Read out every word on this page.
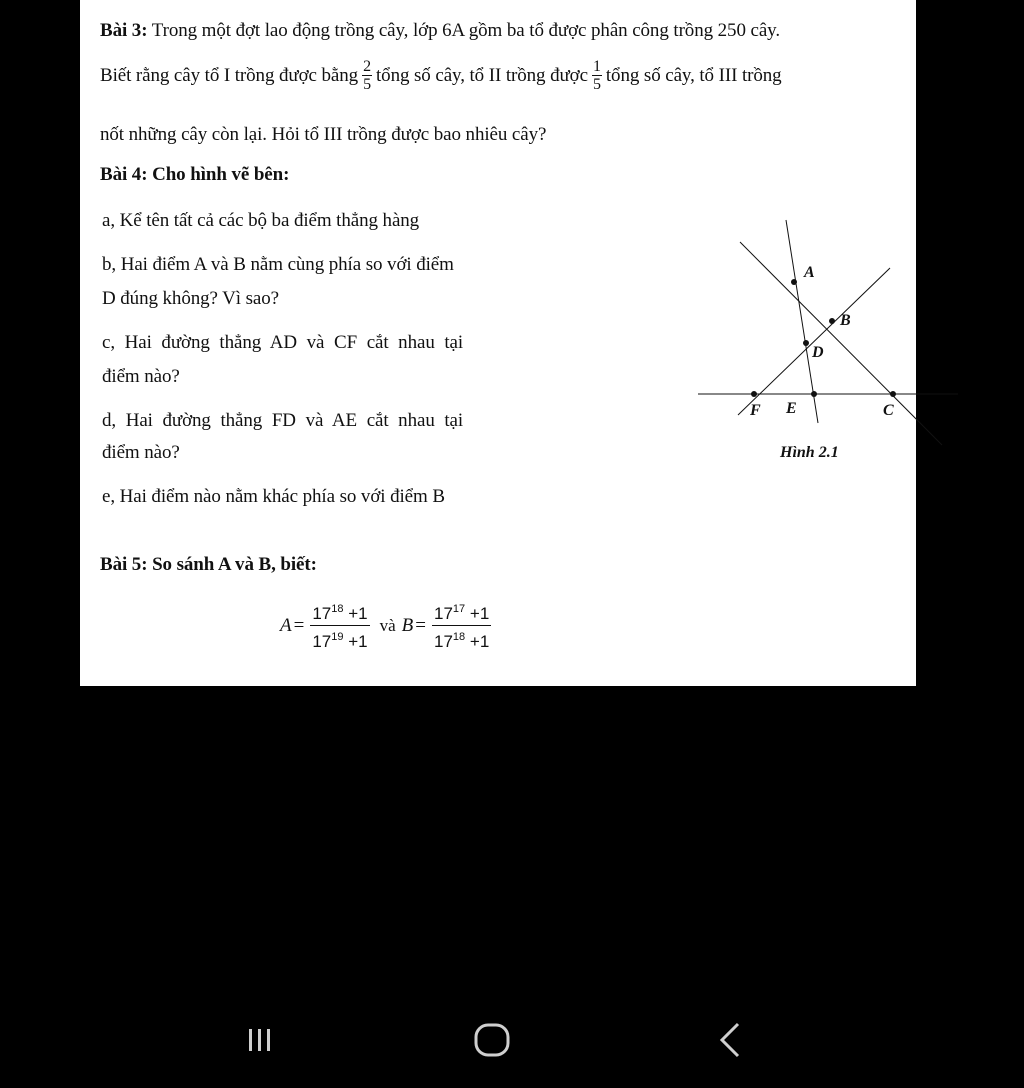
Bài 3: Trong một đợt lao động trồng cây, lớp 6A gồm ba tổ được phân công trồng 250 cây.
Biết rằng cây tổ I trồng được bằng $\frac{2}{5}$ tổng số cây, tổ II trồng được $\frac{1}{5}$ tổng số cây, tổ III trồng
nốt những cây còn lại. Hỏi tổ III trồng được bao nhiêu cây?
Bài 4: Cho hình vẽ bên:
a, Kể tên tất cả các bộ ba điểm thẳng hàng
b, Hai điểm A và B nằm cùng phía so với điểm
D đúng không? Vì sao?
c, Hai đường thẳng AD và CF cắt nhau tại
điểm nào?
d, Hai đường thẳng FD và AE cắt nhau tại
điểm nào?
e, Hai điểm nào nằm khác phía so với điểm B
A
B
D
F E	C
Hình 2.1
Bài 5: So sánh A và B, biết:
$A = \frac{17^{18} +1}{17^{19} +1}$ và $B = \frac{17^{17} +1}{17^{18} +1}$
